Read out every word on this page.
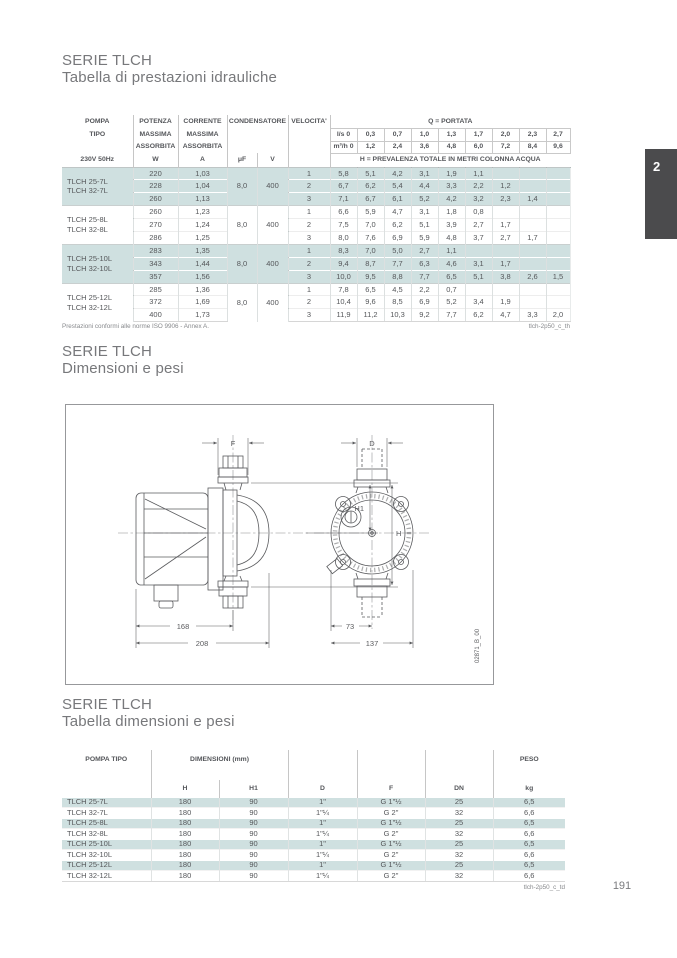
SERIE TLCH
Tabella di prestazioni idrauliche
POMPA	POTENZA	CORRENTE	CONDENSATORE		VELOCITA'	Q = PORTATA								
TIPO	MASSIMA	MASSIMA				l/s 0	0,3	0,7	1,0	1,3	1,7	2,0	2,3	2,7
	ASSORBITA	ASSORBITA				m³/h 0	1,2	2,4	3,6	4,8	6,0	7,2	8,4	9,6
230V 50Hz	W	A	μF	V		H = PREVALENZA TOTALE IN METRI COLONNA ACQUA								

TLCH 25-7L
TLCH 32-7L	220	1,03	8,0	400	1	5,8	5,1	4,2	3,1	1,9	1,1			
	228	1,04			2	6,7	6,2	5,4	4,4	3,3	2,2	1,2		
	260	1,13			3	7,1	6,7	6,1	5,2	4,2	3,2	2,3	1,4	

TLCH 25-8L
TLCH 32-8L	260	1,23	8,0	400	1	6,6	5,9	4,7	3,1	1,8	0,8			
	270	1,24			2	7,5	7,0	6,2	5,1	3,9	2,7	1,7		
	286	1,25			3	8,0	7,6	6,9	5,9	4,8	3,7	2,7	1,7	

TLCH 25-10L
TLCH 32-10L	283	1,35	8,0	400	1	8,3	7,0	5,0	2,7	1,1				
	343	1,44			2	9,4	8,7	7,7	6,3	4,6	3,1	1,7		
	357	1,56			3	10,0	9,5	8,8	7,7	6,5	5,1	3,8	2,6	1,5

TLCH 25-12L
TLCH 32-12L	285	1,36	8,0	400	1	7,8	6,5	4,5	2,2	0,7				
	372	1,69			2	10,4	9,6	8,5	6,9	5,2	3,4	1,9		
	400	1,73			3	11,9	11,2	10,3	9,2	7,7	6,2	4,7	3,3	2,0
Prestazioni conformi alle norme ISO 9906 - Annex A.	tlch-2p50_c_th
SERIE TLCH
Dimensioni e pesi
F
H1
H
168
208
D
73
137	02871_B_00
SERIE TLCH
Tabella dimensioni e pesi
POMPA TIPO	DIMENSIONI (mm)					PESO
	H	H1	D	F	DN	kg
TLCH 25-7L	180	90	1"	G 1"½	25	6,5
TLCH 32-7L	180	90	1"¼	G 2"	32	6,6
TLCH 25-8L	180	90	1"	G 1"½	25	6,5
TLCH 32-8L	180	90	1"¼	G 2"	32	6,6
TLCH 25-10L	180	90	1"	G 1"½	25	6,5
TLCH 32-10L	180	90	1"¼	G 2"	32	6,6
TLCH 25-12L	180	90	1"	G 1"½	25	6,5
TLCH 32-12L	180	90	1"¼	G 2"	32	6,6
tlch-2p50_c_td	191
2
